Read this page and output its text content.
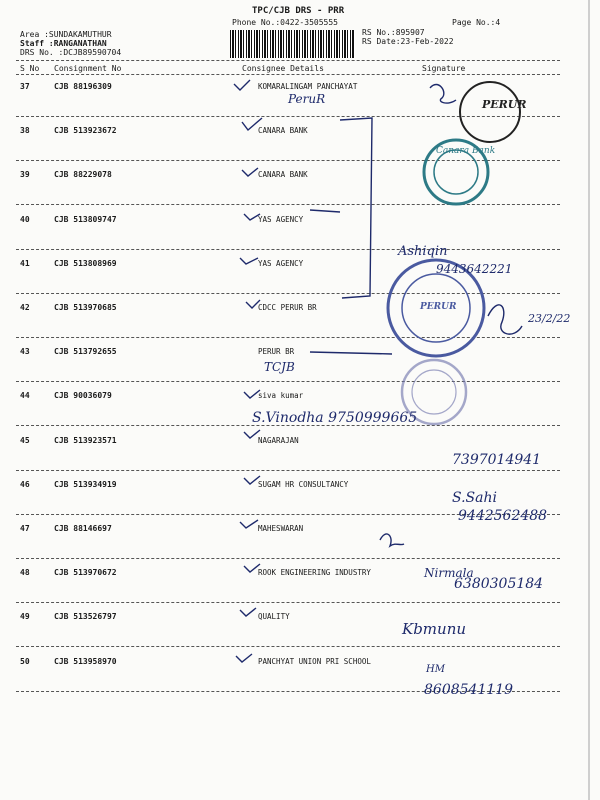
TPC/CJB DRS - PRR
Phone No.:0422-3505555	Page No.:4
Area :SUNDAKAMUTHUR
Staff :RANGANATHAN
DRS No. :DCJB89590704
RS No.:895907
RS Date:23-Feb-2022
S No Consignment No	Consignee Details	Signature
37	CJB 88196309	KOMARALINGAM PANCHAYAT
38	CJB 513923672	CANARA BANK
39	CJB 88229078	CANARA BANK
40	CJB 513809747	YAS AGENCY
41	CJB 513808969	YAS AGENCY
42	CJB 513970685	CDCC PERUR BR
43	CJB 513792655	PERUR BR
44	CJB 90036079	siva kumar
45	CJB 513923571	NAGARAJAN
46	CJB 513934919	SUGAM HR CONSULTANCY
47	CJB 88146697	MAHESWARAN
48	CJB 513970672	ROOK ENGINEERING INDUSTRY
49	CJB 513526797	QUALITY
50	CJB 513958970	PANCHYAT UNION PRI SCHOOL
PERUR
Canara Bank
PERUR
PeruR
TCJB
S.Vinodha 9750999665
7397014941
S.Sahi
9442562488
Nirmala
6380305184
Kbmunu
HM
8608541119
23/2/22
Ashiqin
9443642221
